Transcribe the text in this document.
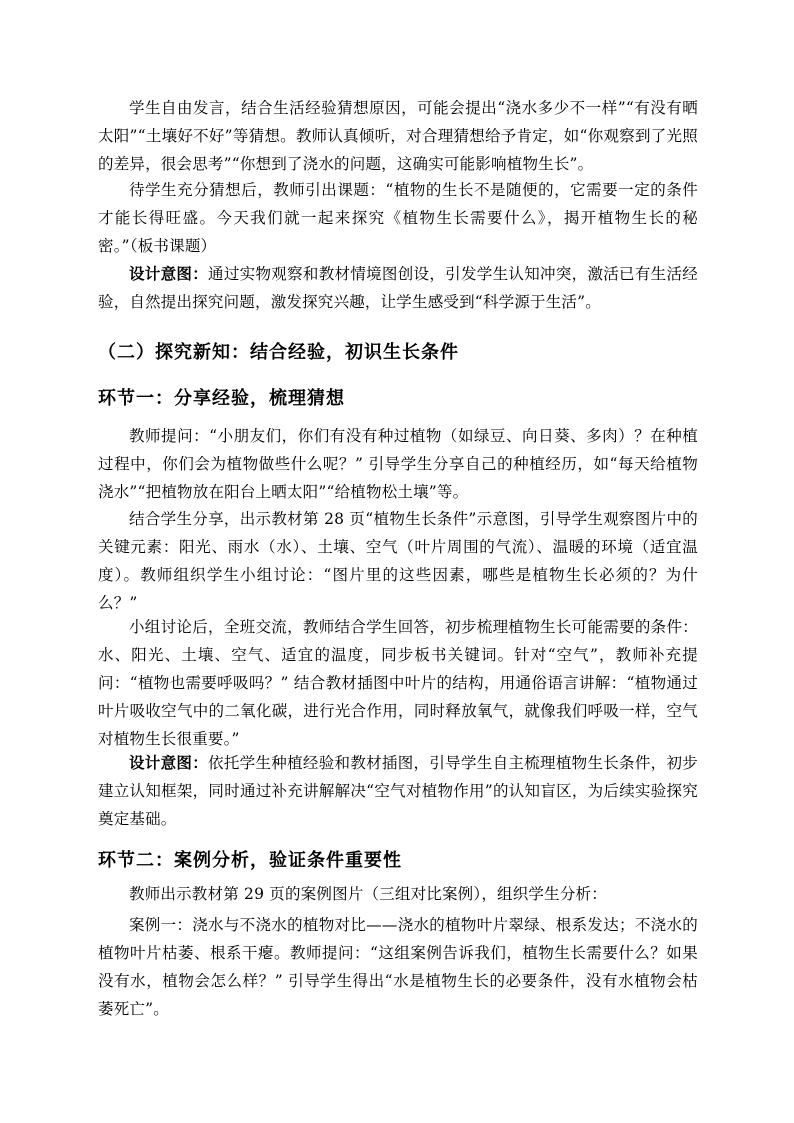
学生自由发言，结合生活经验猜想原因，可能会提出“浇水多少不一样”“有没有晒太阳”“土壤好不好”等猜想。教师认真倾听，对合理猜想给予肯定，如“你观察到了光照的差异，很会思考”“你想到了浇水的问题，这确实可能影响植物生长”。

待学生充分猜想后，教师引出课题：“植物的生长不是随便的，它需要一定的条件才能长得旺盛。今天我们就一起来探究《植物生长需要什么》，揭开植物生长的秘密。”（板书课题）

设计意图：通过实物观察和教材情境图创设，引发学生认知冲突，激活已有生活经验，自然提出探究问题，激发探究兴趣，让学生感受到“科学源于生活”。

（二）探究新知：结合经验，初识生长条件
环节一：分享经验，梳理猜想

教师提问：“小朋友们，你们有没有种过植物（如绿豆、向日葵、多肉）？在种植过程中，你们会为植物做些什么呢？” 引导学生分享自己的种植经历，如“每天给植物浇水”“把植物放在阳台上晒太阳”“给植物松土壤”等。

结合学生分享，出示教材第 28 页“植物生长条件”示意图，引导学生观察图片中的关键元素：阳光、雨水（水）、土壤、空气（叶片周围的气流）、温暖的环境（适宜温度）。教师组织学生小组讨论：“图片里的这些因素，哪些是植物生长必须的？为什么？”

小组讨论后，全班交流，教师结合学生回答，初步梳理植物生长可能需要的条件：水、阳光、土壤、空气、适宜的温度，同步板书关键词。针对“空气”，教师补充提问：“植物也需要呼吸吗？” 结合教材插图中叶片的结构，用通俗语言讲解：“植物通过叶片吸收空气中的二氧化碳，进行光合作用，同时释放氧气，就像我们呼吸一样，空气对植物生长很重要。”

设计意图：依托学生种植经验和教材插图，引导学生自主梳理植物生长条件，初步建立认知框架，同时通过补充讲解解决“空气对植物作用”的认知盲区，为后续实验探究奠定基础。

环节二：案例分析，验证条件重要性

教师出示教材第 29 页的案例图片（三组对比案例），组织学生分析：

案例一：浇水与不浇水的植物对比——浇水的植物叶片翠绿、根系发达；不浇水的植物叶片枯萎、根系干瘪。教师提问：“这组案例告诉我们，植物生长需要什么？如果没有水，植物会怎么样？” 引导学生得出“水是植物生长的必要条件，没有水植物会枯萎死亡”。
